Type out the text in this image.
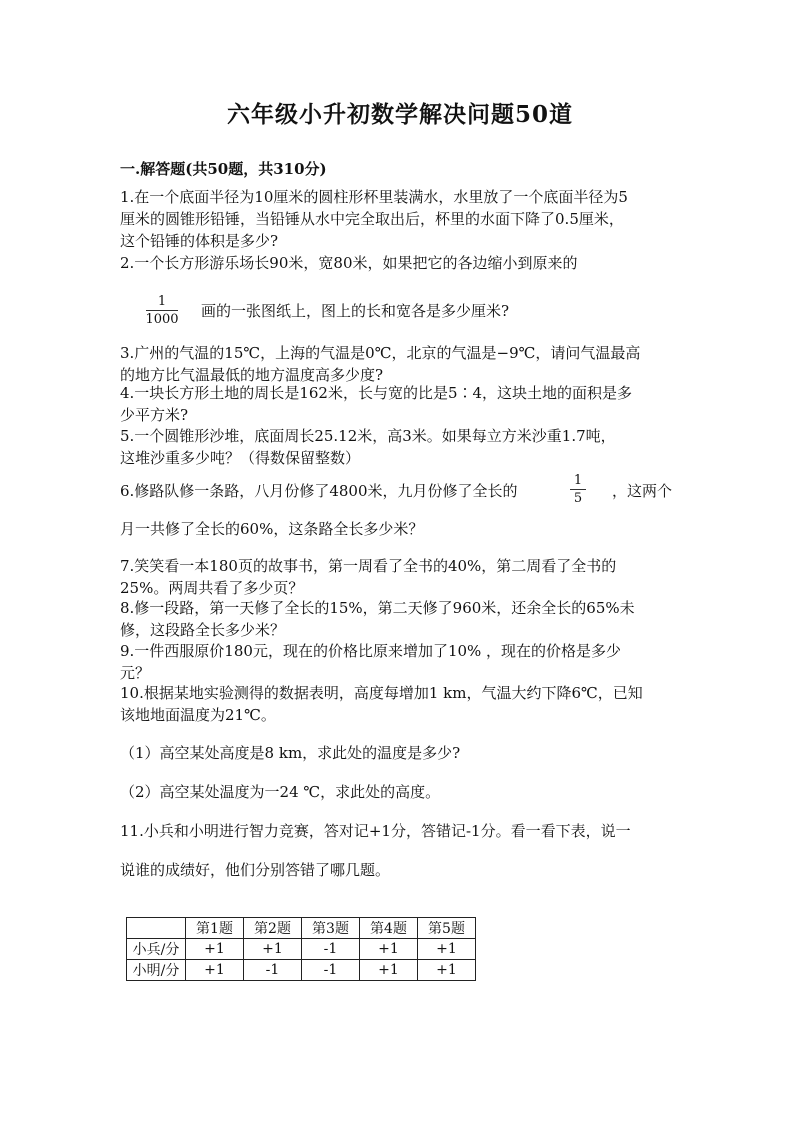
六年级小升初数学解决问题50道
一.解答题(共50题，共310分)
1.在一个底面半径为10厘米的圆柱形杯里装满水，水里放了一个底面半径为5
厘米的圆锥形铅锤，当铅锤从水中完全取出后，杯里的水面下降了0.5厘米，
这个铅锤的体积是多少?
2.一个长方形游乐场长90米，宽80米，如果把它的各边缩小到原来的
1
1000 画的一张图纸上，图上的长和宽各是多少厘米?
3.广州的气温的15℃，上海的气温是0℃，北京的气温是−9℃，请问气温最高
的地方比气温最低的地方温度高多少度?
4.一块长方形土地的周长是162米，长与宽的比是5∶4，这块土地的面积是多
少平方米?
5.一个圆锥形沙堆，底面周长25.12米，高3米。如果每立方米沙重1.7吨，
这堆沙重多少吨？（得数保留整数）
6.修路队修一条路，八月份修了4800米，九月份修了全长的
1
5 ，这两个
月一共修了全长的60%，这条路全长多少米？
7.笑笑看一本180页的故事书，第一周看了全书的40%，第二周看了全书的
25%。两周共看了多少页？
8.修一段路，第一天修了全长的15%，第二天修了960米，还余全长的65%未
修，这段路全长多少米？
9.一件西服原价180元，现在的价格比原来增加了10% ，现在的价格是多少
元？
10.根据某地实验测得的数据表明，高度每增加1 km，气温大约下降6℃，已知
该地地面温度为21℃。
（1）高空某处高度是8 km，求此处的温度是多少?
（2）高空某处温度为一24 ℃，求此处的高度。
11.小兵和小明进行智力竞赛，答对记+1分，答错记-1分。看一看下表，说一
说谁的成绩好，他们分别答错了哪几题。
	第1题	第2题	第3题	第4题	第5题
小兵/分	+1	+1	-1	+1	+1
小明/分	+1	-1	-1	+1	+1
